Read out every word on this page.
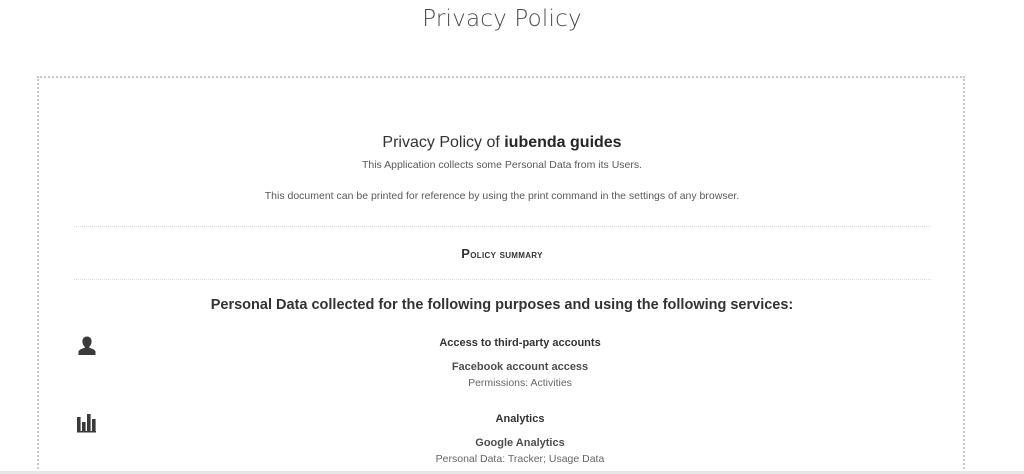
Privacy Policy
Privacy Policy of iubenda guides
This Application collects some Personal Data from its Users.
This document can be printed for reference by using the print command in the settings of any browser.
Policy summary
Personal Data collected for the following purposes and using the following services:
Access to third-party accounts
Facebook account access
Permissions: Activities
Analytics
Google Analytics
Personal Data: Tracker; Usage Data
